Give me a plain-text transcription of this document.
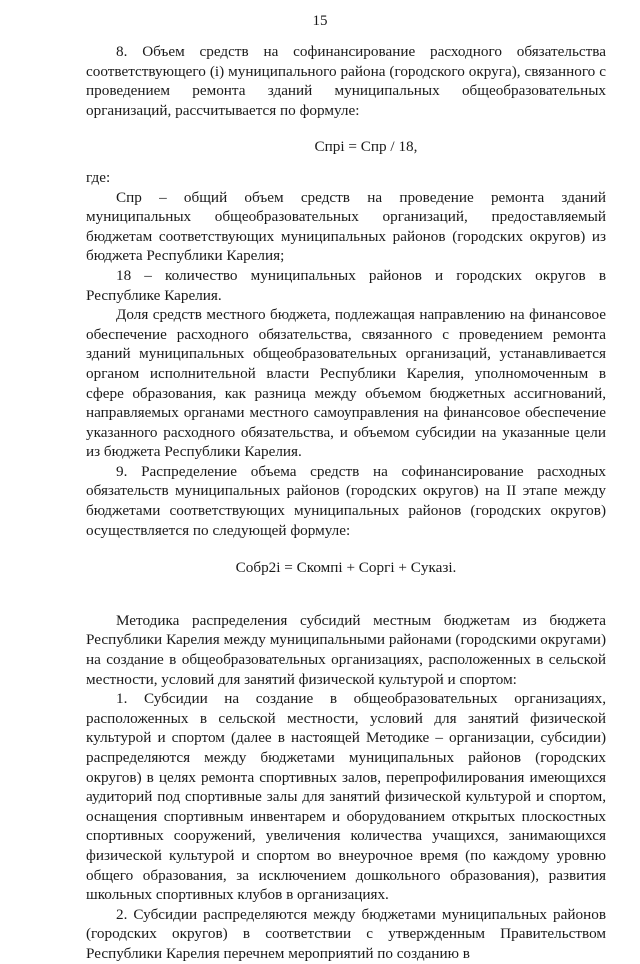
15

8. Объем средств на софинансирование расходного обязательства соответствующего (i) муниципального района (городского округа), связанного с проведением ремонта зданий муниципальных общеобразовательных организаций, рассчитывается по формуле:

Cпрi = Cпр / 18,

где:

Cпр – общий объем средств на проведение ремонта зданий муниципальных общеобразовательных организаций, предоставляемый бюджетам соответствующих муниципальных районов (городских округов) из бюджета Республики Карелия;

18 – количество муниципальных районов и городских округов в Республике Карелия.

Доля средств местного бюджета, подлежащая направлению на финансовое обеспечение расходного обязательства, связанного с проведением ремонта зданий муниципальных общеобразовательных организаций, устанавливается органом исполнительной власти Республики Карелия, уполномоченным в сфере образования, как разница между объемом бюджетных ассигнований, направляемых органами местного самоуправления на финансовое обеспечение указанного расходного обязательства, и объемом субсидии на указанные цели из бюджета Республики Карелия.

9. Распределение объема средств на софинансирование расходных обязательств муниципальных районов (городских округов) на II этапе между бюджетами соответствующих муниципальных районов (городских округов) осуществляется по следующей формуле:

Cобр2i = Cкомпi + Cоргi + Cуказi.

Методика распределения субсидий местным бюджетам из бюджета Республики Карелия между муниципальными районами (городскими округами) на создание в общеобразовательных организациях, расположенных в сельской местности, условий для занятий физической культурой и спортом:

1. Субсидии на создание в общеобразовательных организациях, расположенных в сельской местности, условий для занятий физической культурой и спортом (далее в настоящей Методике – организации, субсидии) распределяются между бюджетами муниципальных районов (городских округов) в целях ремонта спортивных залов, перепрофилирования имеющихся аудиторий под спортивные залы для занятий физической культурой и спортом, оснащения спортивным инвентарем и оборудованием открытых плоскостных спортивных сооружений, увеличения количества учащихся, занимающихся физической культурой и спортом во внеурочное время (по каждому уровню общего образования, за исключением дошкольного образования), развития школьных спортивных клубов в организациях.

2. Субсидии распределяются между бюджетами муниципальных районов (городских округов) в соответствии с утвержденным Правительством Республики Карелия перечнем мероприятий по созданию в
